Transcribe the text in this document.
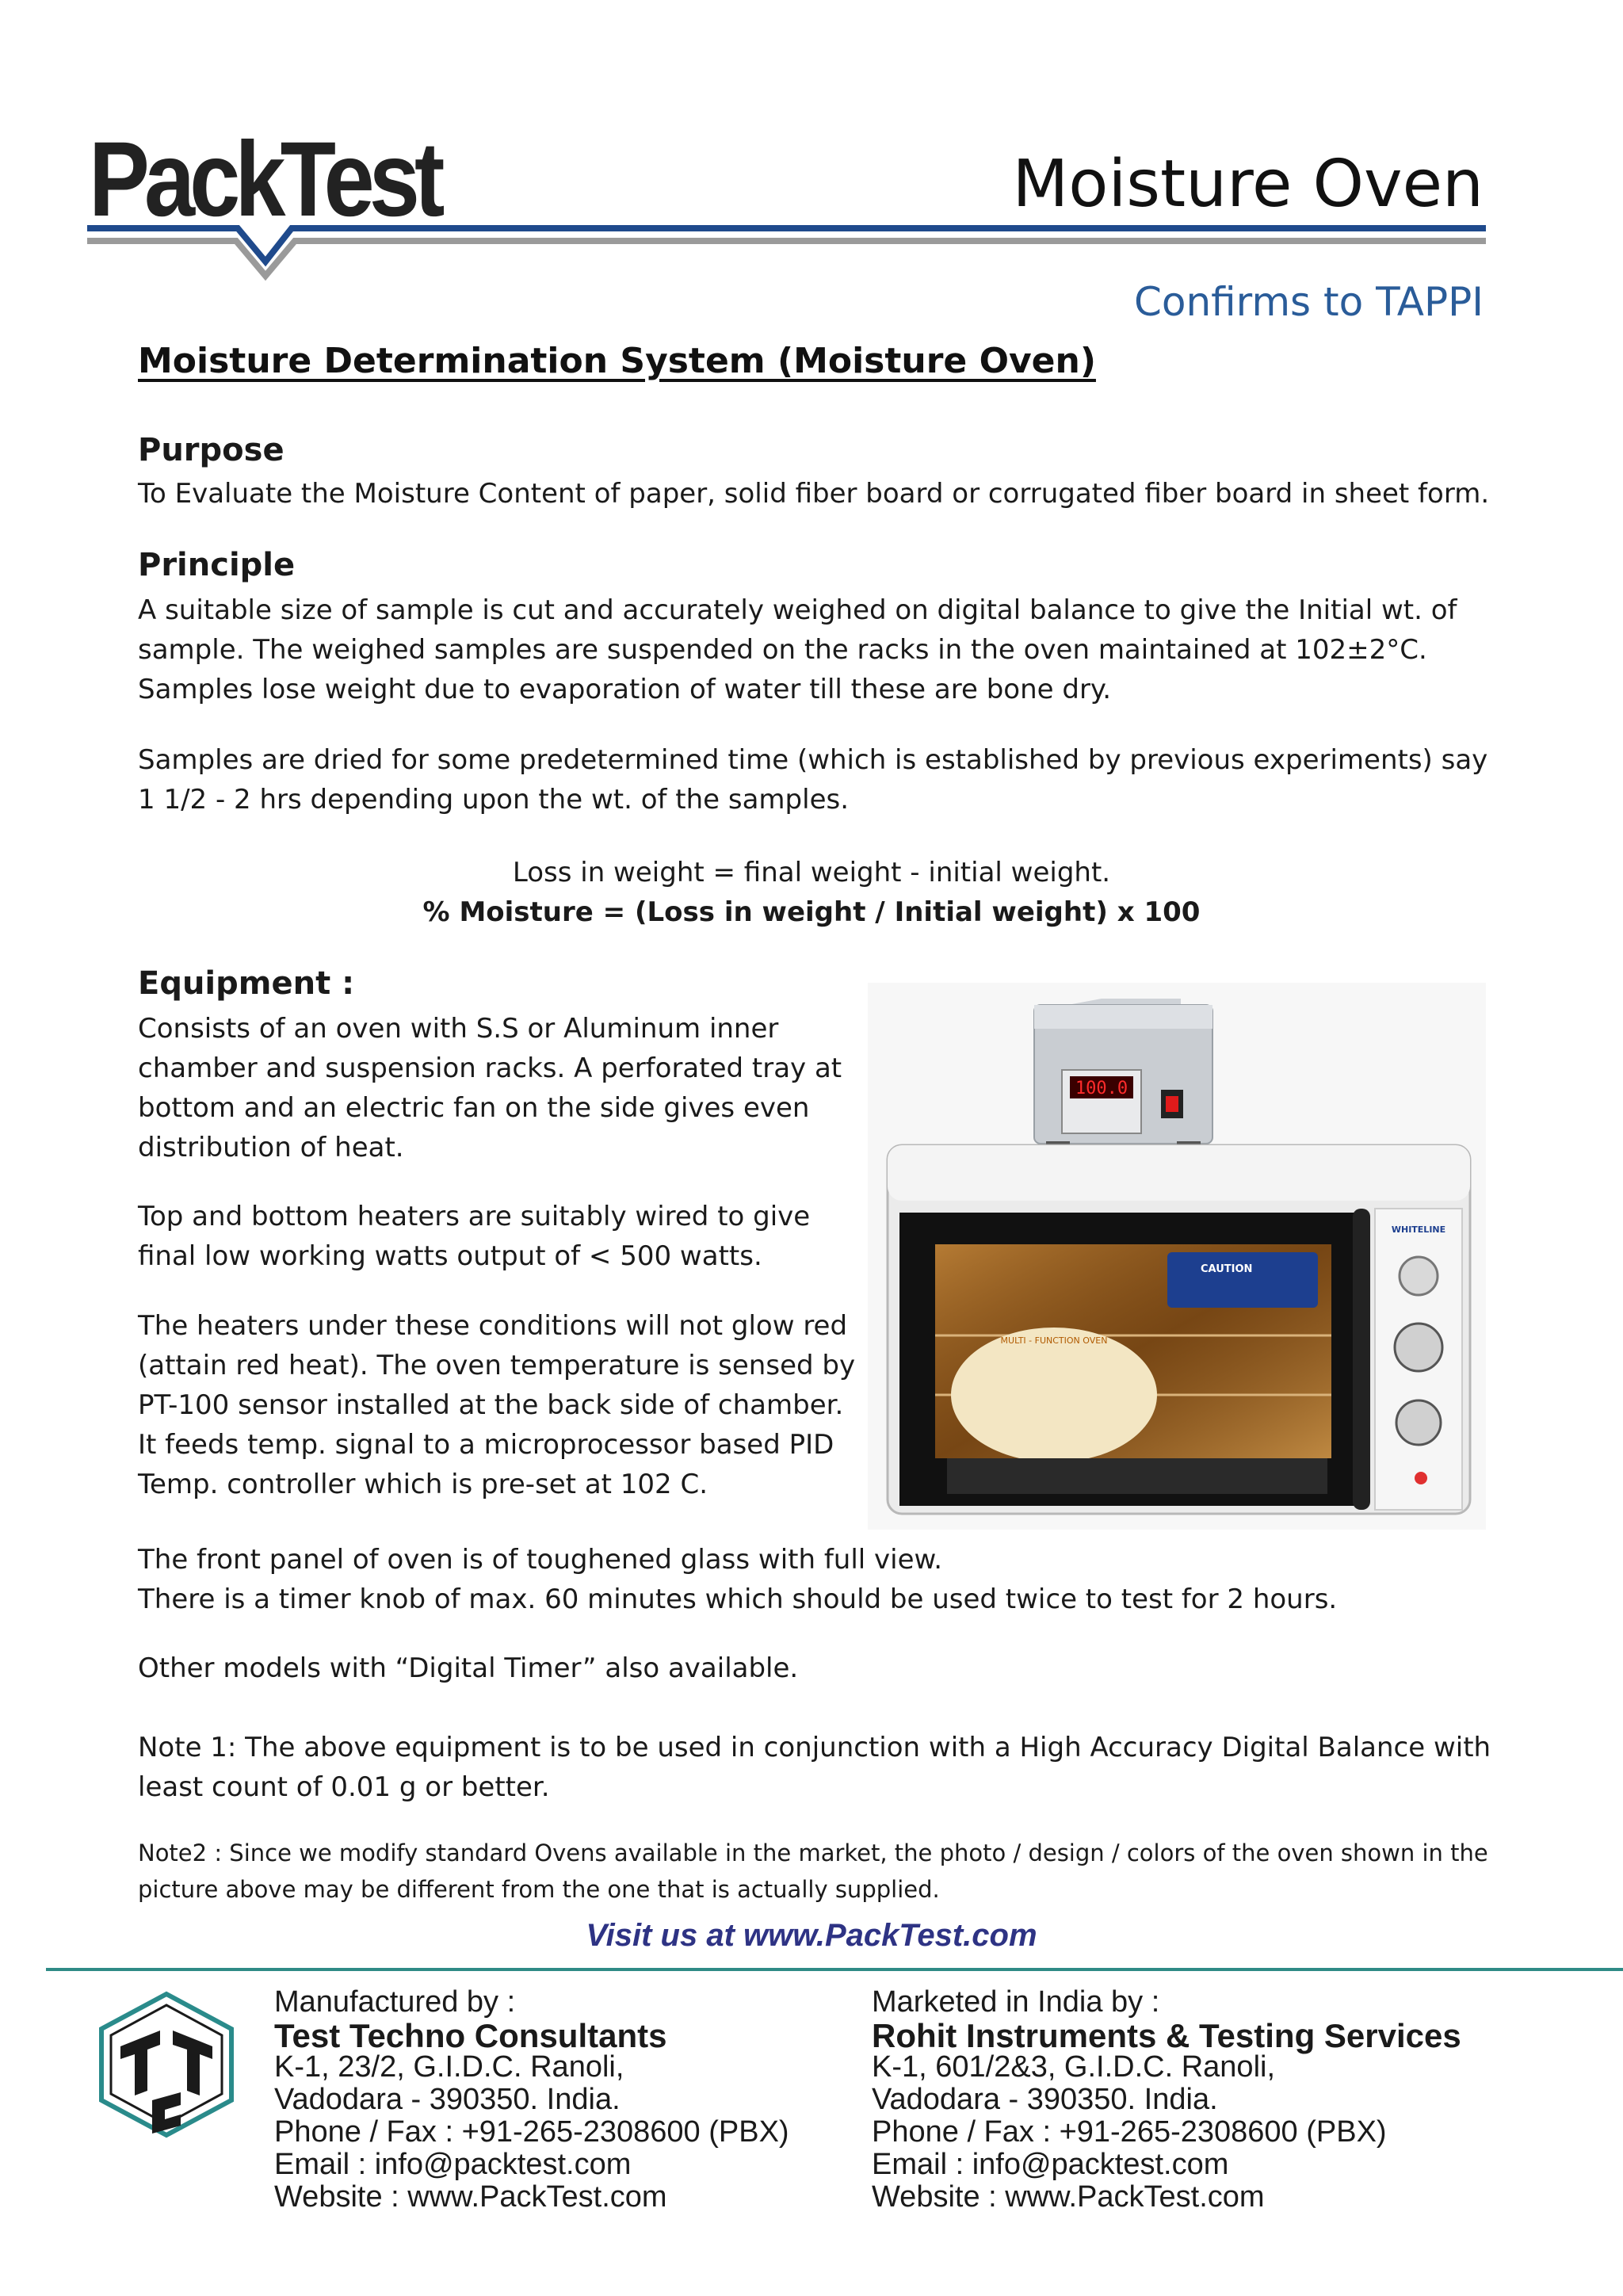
PackTest	Moisture Oven
Confirms to TAPPI
Moisture Determination System (Moisture Oven)
Purpose
To Evaluate the Moisture Content of paper, solid fiber board or corrugated fiber board in sheet form.
Principle
A suitable size of sample is cut and accurately weighed on digital balance to give the Initial wt. of sample. The weighed samples are suspended on the racks in the oven maintained at 102±2°C. Samples lose weight due to evaporation of water till these are bone dry.
Samples are dried for some predetermined time (which is established by previous experiments) say 1 1/2 - 2 hrs depending upon the wt. of the samples.
Loss in weight = final weight - initial weight.
% Moisture = (Loss in weight / Initial weight) x 100
Equipment :
Consists of an oven with S.S or Aluminum inner chamber and suspension racks. A perforated tray at bottom and an electric fan on the side gives even distribution of heat.
Top and bottom heaters are suitably wired to give final low working watts output of < 500 watts.
The heaters under these conditions will not glow red (attain red heat). The oven temperature is sensed by PT-100 sensor installed at the back side of chamber. It feeds temp. signal to a microprocessor based PID Temp. controller which is pre-set at 102 C.
100.0
CAUTION
MULTI - FUNCTION OVEN
WHITELINE
The front panel of oven is of toughened glass with full view.
There is a timer knob of max. 60 minutes which should be used twice to test for 2 hours.
Other models with “Digital Timer” also available.
Note 1: The above equipment is to be used in conjunction with a High Accuracy Digital Balance with least count of 0.01 g or better.
Note2 : Since we modify standard Ovens available in the market, the photo / design / colors of the oven shown in the picture above may be different from the one that is actually supplied.
Visit us at www.PackTest.com
Manufactured by :
Test Techno Consultants
K-1, 23/2, G.I.D.C. Ranoli,
Vadodara - 390350. India.
Phone / Fax : +91-265-2308600 (PBX)
Email : info@packtest.com
Website : www.PackTest.com
Marketed in India by :
Rohit Instruments & Testing Services
K-1, 601/2&3, G.I.D.C. Ranoli,
Vadodara - 390350. India.
Phone / Fax : +91-265-2308600 (PBX)
Email : info@packtest.com
Website : www.PackTest.com
